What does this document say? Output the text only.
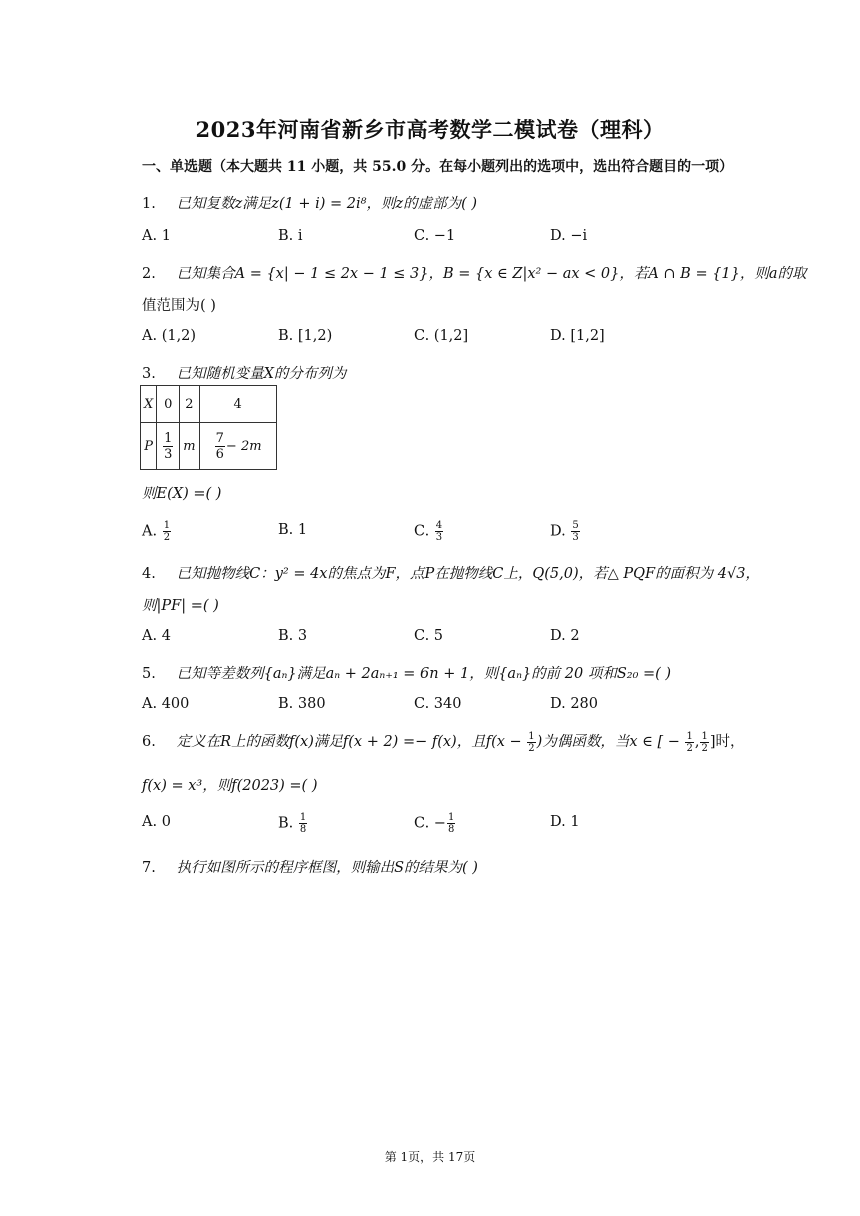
2023年河南省新乡市高考数学二模试卷（理科）
一、单选题（本大题共 11 小题，共 55.0 分。在每小题列出的选项中，选出符合题目的一项）
1. 已知复数z满足z(1 + i) = 2i⁸，则z的虚部为( )
A. 1	B. i	C. −1	D. −i
2. 已知集合A = {x| − 1 ≤ 2x − 1 ≤ 3}，B = {x ∈ Z|x² − ax < 0}，若A ∩ B = {1}，则a的取
值范围为( )
A. (1,2)	B. [1,2)	C. (1,2]	D. [1,2]
3. 已知随机变量X的分布列为
X	0	2	4
P	$\frac{1}{3}$	m	$\frac{7}{6} - 2m$
则E(X) =( )
A. $\frac{1}{2}$	B. 1	C. $\frac{4}{3}$	D. $\frac{5}{3}$
4. 已知抛物线C：y² = 4x的焦点为F，点P在抛物线C上，Q(5,0)，若△ PQF的面积为 4√3，
则|PF| =( )
A. 4	B. 3	C. 5	D. 2
5. 已知等差数列{aₙ}满足aₙ + 2aₙ₊₁ = 6n + 1，则{aₙ}的前 20 项和S₂₀ =( )
A. 400	B. 380	C. 340	D. 280
6. 定义在R上的函数f(x)满足f(x + 2) =− f(x)，且$f(x - \frac{1}{2}$ )为偶函数，当x ∈ [ − $\frac{1}{2}$ , $\frac{1}{2}$ ]时，
f(x) = x³，则f(2023) =( )
A. 0	B. $\frac{1}{8}$	C. − $\frac{1}{8}$	D. 1
7. 执行如图所示的程序框图，则输出S的结果为( )
第 1页，共 17页
